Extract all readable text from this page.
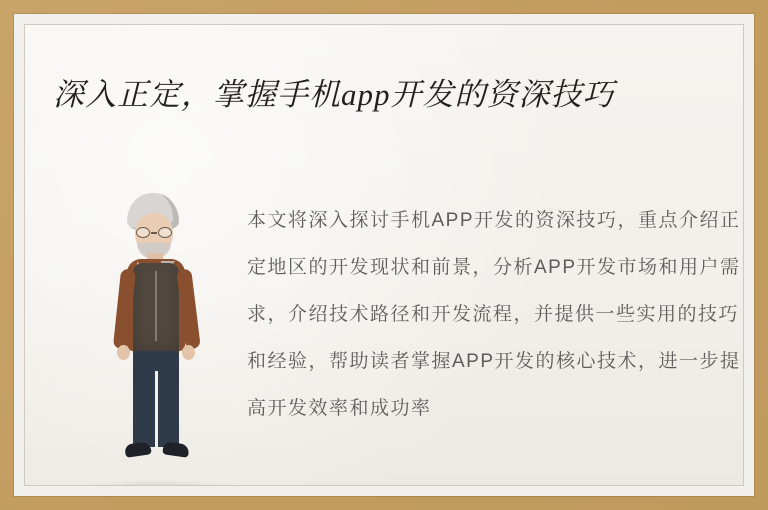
深入正定，掌握手机app开发的资深技巧
本文将深入探讨手机APP开发的资深技巧，重点介绍正定地区的开发现状和前景，分析APP开发市场和用户需求，介绍技术路径和开发流程，并提供一些实用的技巧和经验，帮助读者掌握APP开发的核心技术，进一步提高开发效率和成功率
